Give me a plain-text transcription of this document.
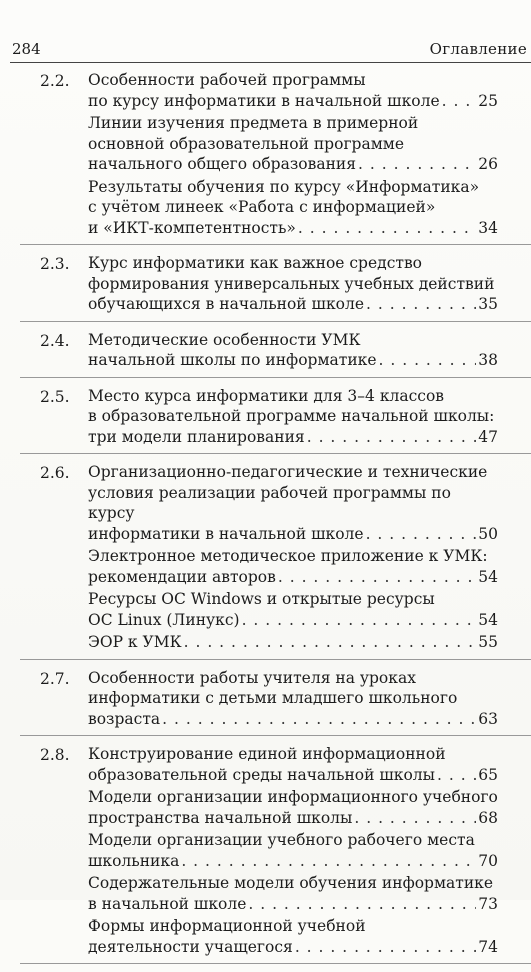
284	Оглавление
2.2. Особенности рабочей программы
по курсу информатики в начальной школе . . . 25
Линии изучения предмета в примерной
основной образовательной программе
начального общего образования . . .	26
Результаты обучения по курсу «Информатика»
с учётом линеек «Работа с информацией»
и «ИКТ-компетентность» . . .	34
2.3. Курс информатики как важное средство
формирования универсальных учебных действий
обучающихся в начальной школе . . .	35
2.4. Методические особенности УМК
начальной школы по информатике . . .	38
2.5. Место курса информатики для 3–4 классов
в образовательной программе начальной школы:
три модели планирования . . .	47
2.6. Организационно-педагогические и технические
условия реализации рабочей программы по курсу
информатики в начальной школе . . .	50
Электронное методическое приложение к УМК:
рекомендации авторов . . .	54
Ресурсы ОС Windows и открытые ресурсы
ОС Linux (Линукс) . . .	54
ЭОР к УМК . . .	55
2.7. Особенности работы учителя на уроках
информатики с детьми младшего школьного
возраста . . .	63
2.8. Конструирование единой информационной
образовательной среды начальной школы . . .	65
Модели организации информационного учебного
пространства начальной школы . . .	68
Модели организации учебного рабочего места
школьника . . .	70
Содержательные модели обучения информатике
в начальной школе . . .	73
Формы информационной учебной
деятельности учащегося . . .	74
